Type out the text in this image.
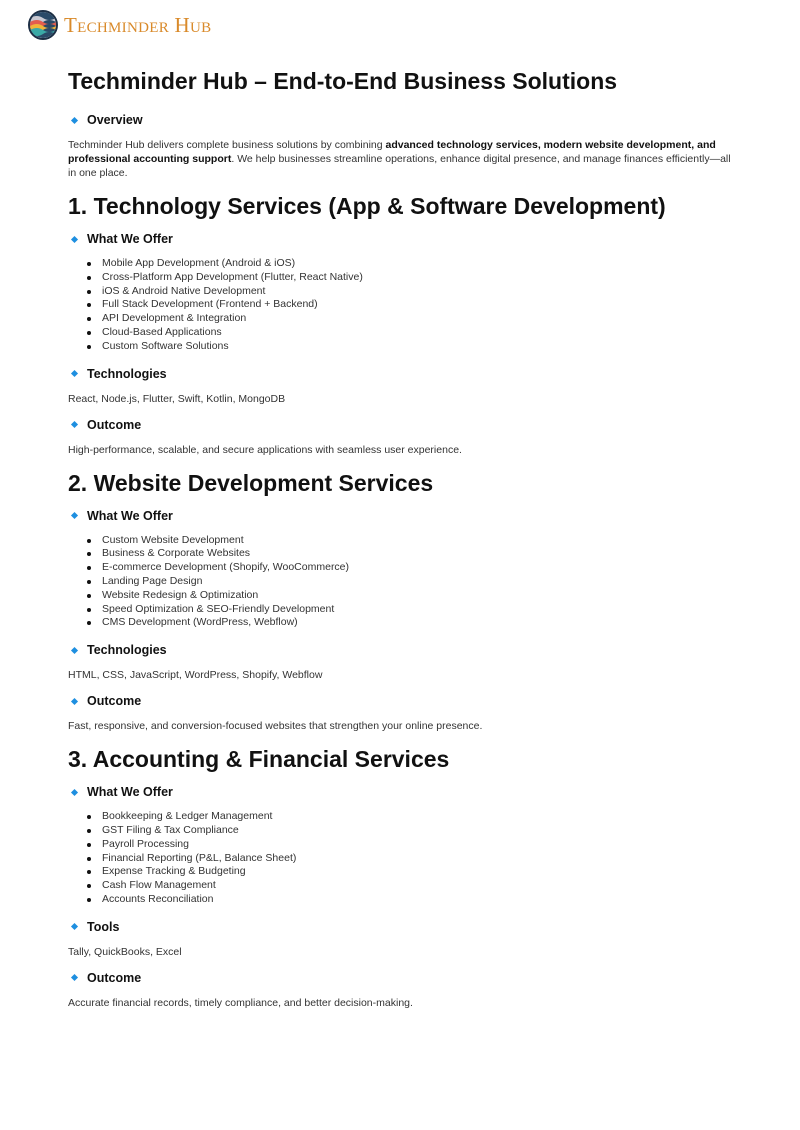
Techminder Hub
Techminder Hub – End-to-End Business Solutions
Overview

Techminder Hub delivers complete business solutions by combining advanced technology services, modern website development, and professional accounting support. We help businesses streamline operations, enhance digital presence, and manage finances efficiently—all in one place.

1. Technology Services (App & Software Development)
What We Offer
Mobile App Development (Android & iOS)
Cross-Platform App Development (Flutter, React Native)
iOS & Android Native Development
Full Stack Development (Frontend + Backend)
API Development & Integration
Cloud-Based Applications
Custom Software Solutions
Technologies

React, Node.js, Flutter, Swift, Kotlin, MongoDB

Outcome

High-performance, scalable, and secure applications with seamless user experience.

2. Website Development Services
What We Offer
Custom Website Development
Business & Corporate Websites
E-commerce Development (Shopify, WooCommerce)
Landing Page Design
Website Redesign & Optimization
Speed Optimization & SEO-Friendly Development
CMS Development (WordPress, Webflow)
Technologies

HTML, CSS, JavaScript, WordPress, Shopify, Webflow

Outcome

Fast, responsive, and conversion-focused websites that strengthen your online presence.

3. Accounting & Financial Services
What We Offer
Bookkeeping & Ledger Management
GST Filing & Tax Compliance
Payroll Processing
Financial Reporting (P&L, Balance Sheet)
Expense Tracking & Budgeting
Cash Flow Management
Accounts Reconciliation
Tools

Tally, QuickBooks, Excel

Outcome

Accurate financial records, timely compliance, and better decision-making.
